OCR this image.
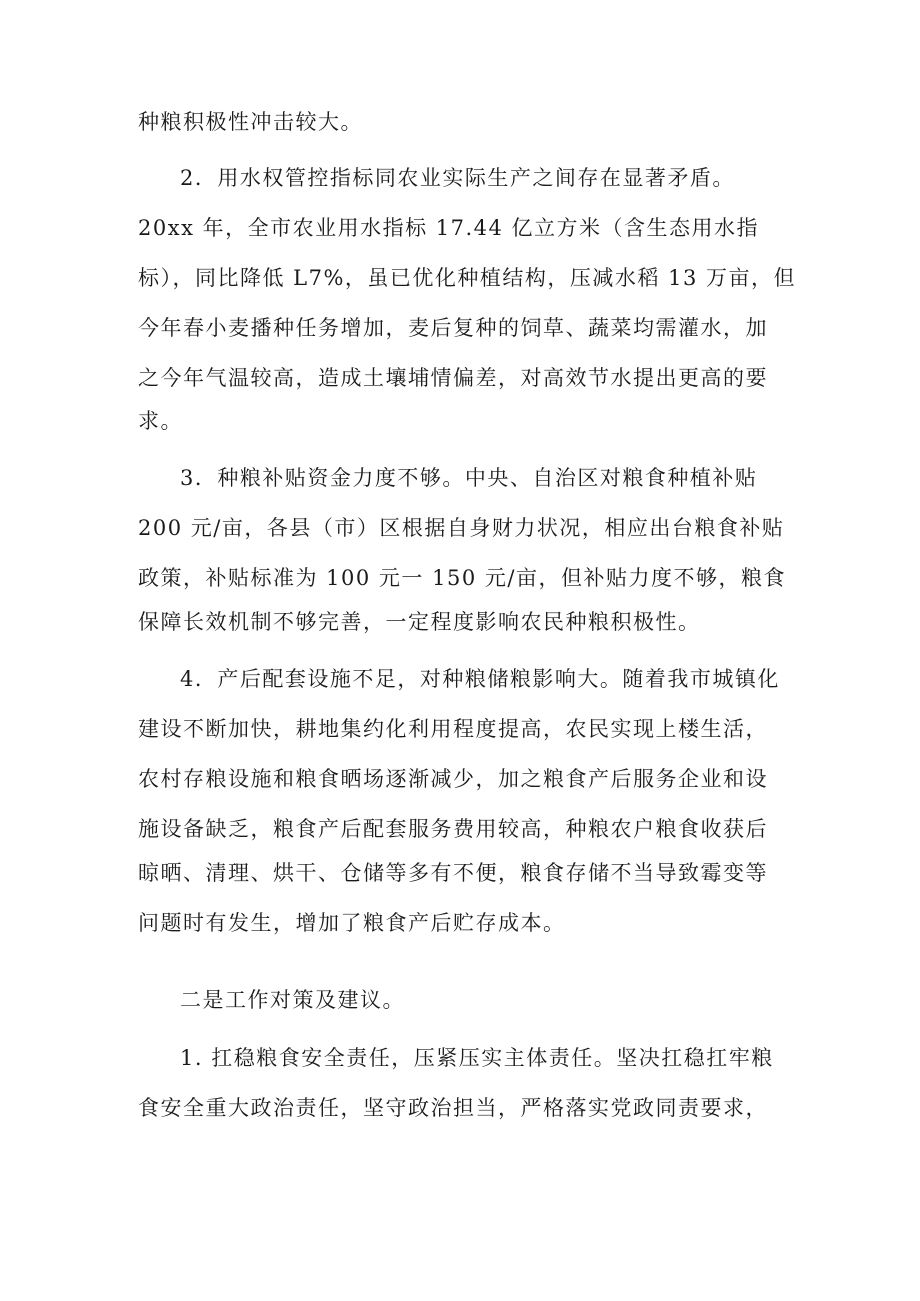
种粮积极性冲击较大。
2．用水权管控指标同农业实际生产之间存在显著矛盾。
20xx 年，全市农业用水指标 17.44 亿立方米（含生态用水指
标），同比降低 L7%，虽已优化种植结构，压减水稻 13 万亩，但
今年春小麦播种任务增加，麦后复种的饲草、蔬菜均需灌水，加
之今年气温较高，造成土壤埔情偏差，对高效节水提出更高的要
求。
3．种粮补贴资金力度不够。中央、自治区对粮食种植补贴
200 元/亩，各县（市）区根据自身财力状况，相应出台粮食补贴
政策，补贴标准为 100 元一 150 元/亩，但补贴力度不够，粮食
保障长效机制不够完善，一定程度影响农民种粮积极性。
4．产后配套设施不足，对种粮储粮影响大。随着我市城镇化
建设不断加快，耕地集约化利用程度提高，农民实现上楼生活，
农村存粮设施和粮食晒场逐渐减少，加之粮食产后服务企业和设
施设备缺乏，粮食产后配套服务费用较高，种粮农户粮食收获后
晾晒、清理、烘干、仓储等多有不便，粮食存储不当导致霉变等
问题时有发生，增加了粮食产后贮存成本。
二是工作对策及建议。
1. 扛稳粮食安全责任，压紧压实主体责任。坚决扛稳扛牢粮
食安全重大政治责任，坚守政治担当，严格落实党政同责要求，
